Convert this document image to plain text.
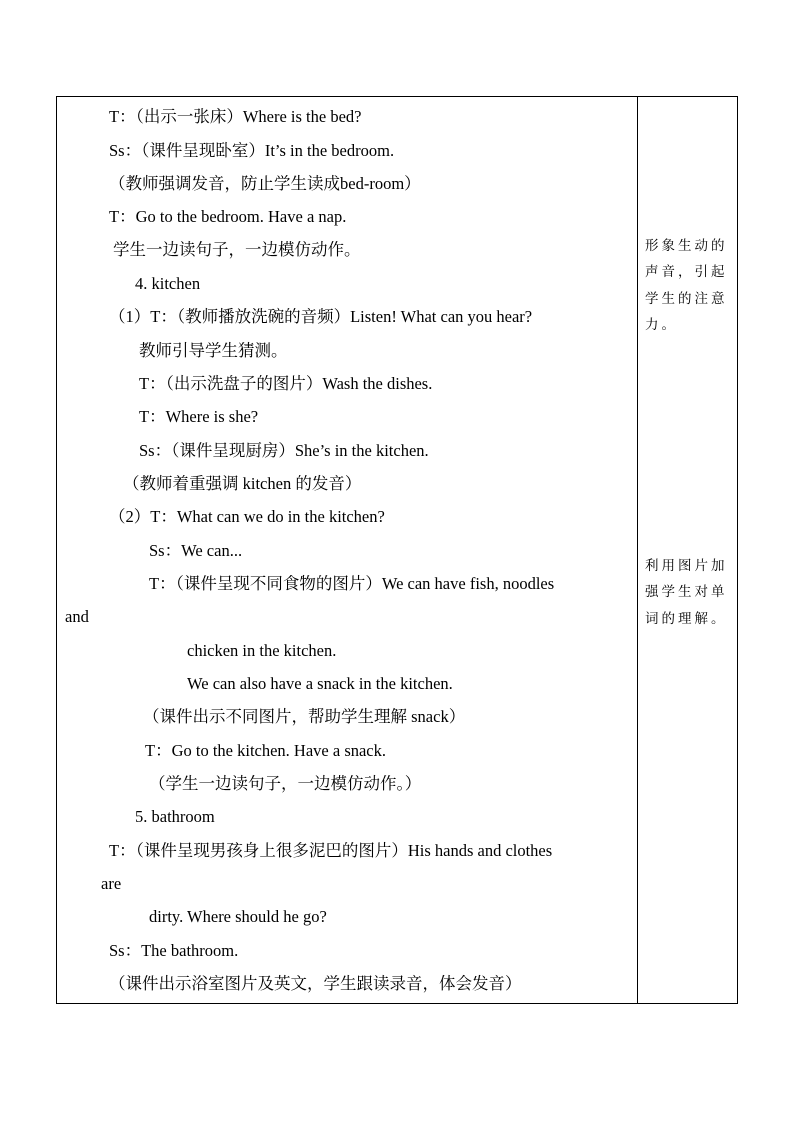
T：（出示一张床）Where is the bed?
Ss：（课件呈现卧室）It’s in the bedroom.
（教师强调发音，防止学生读成bed-room）
T：Go to the bedroom. Have a nap.
学生一边读句子，一边模仿动作。
4. kitchen
（1）T：（教师播放洗碗的音频）Listen! What can you hear?
教师引导学生猜测。
T：（出示洗盘子的图片）Wash the dishes.
T：Where is she?
Ss：（课件呈现厨房）She’s in the kitchen.
（教师着重强调 kitchen 的发音）
（2）T：What can we do in the kitchen?
Ss：We can...
T：（课件呈现不同食物的图片）We can have fish, noodles
and
chicken in the kitchen.
We can also have a snack in the kitchen.
（课件出示不同图片，帮助学生理解 snack）
T：Go to the kitchen. Have a snack.
（学生一边读句子，一边模仿动作。）
5. bathroom
T：（课件呈现男孩身上很多泥巴的图片）His hands and clothes
are
dirty. Where should he go?
Ss：The bathroom.
（课件出示浴室图片及英文，学生跟读录音，体会发音）
形象生动的
声音，引起
学生的注意
力。
利用图片加
强学生对单
词的理解。
